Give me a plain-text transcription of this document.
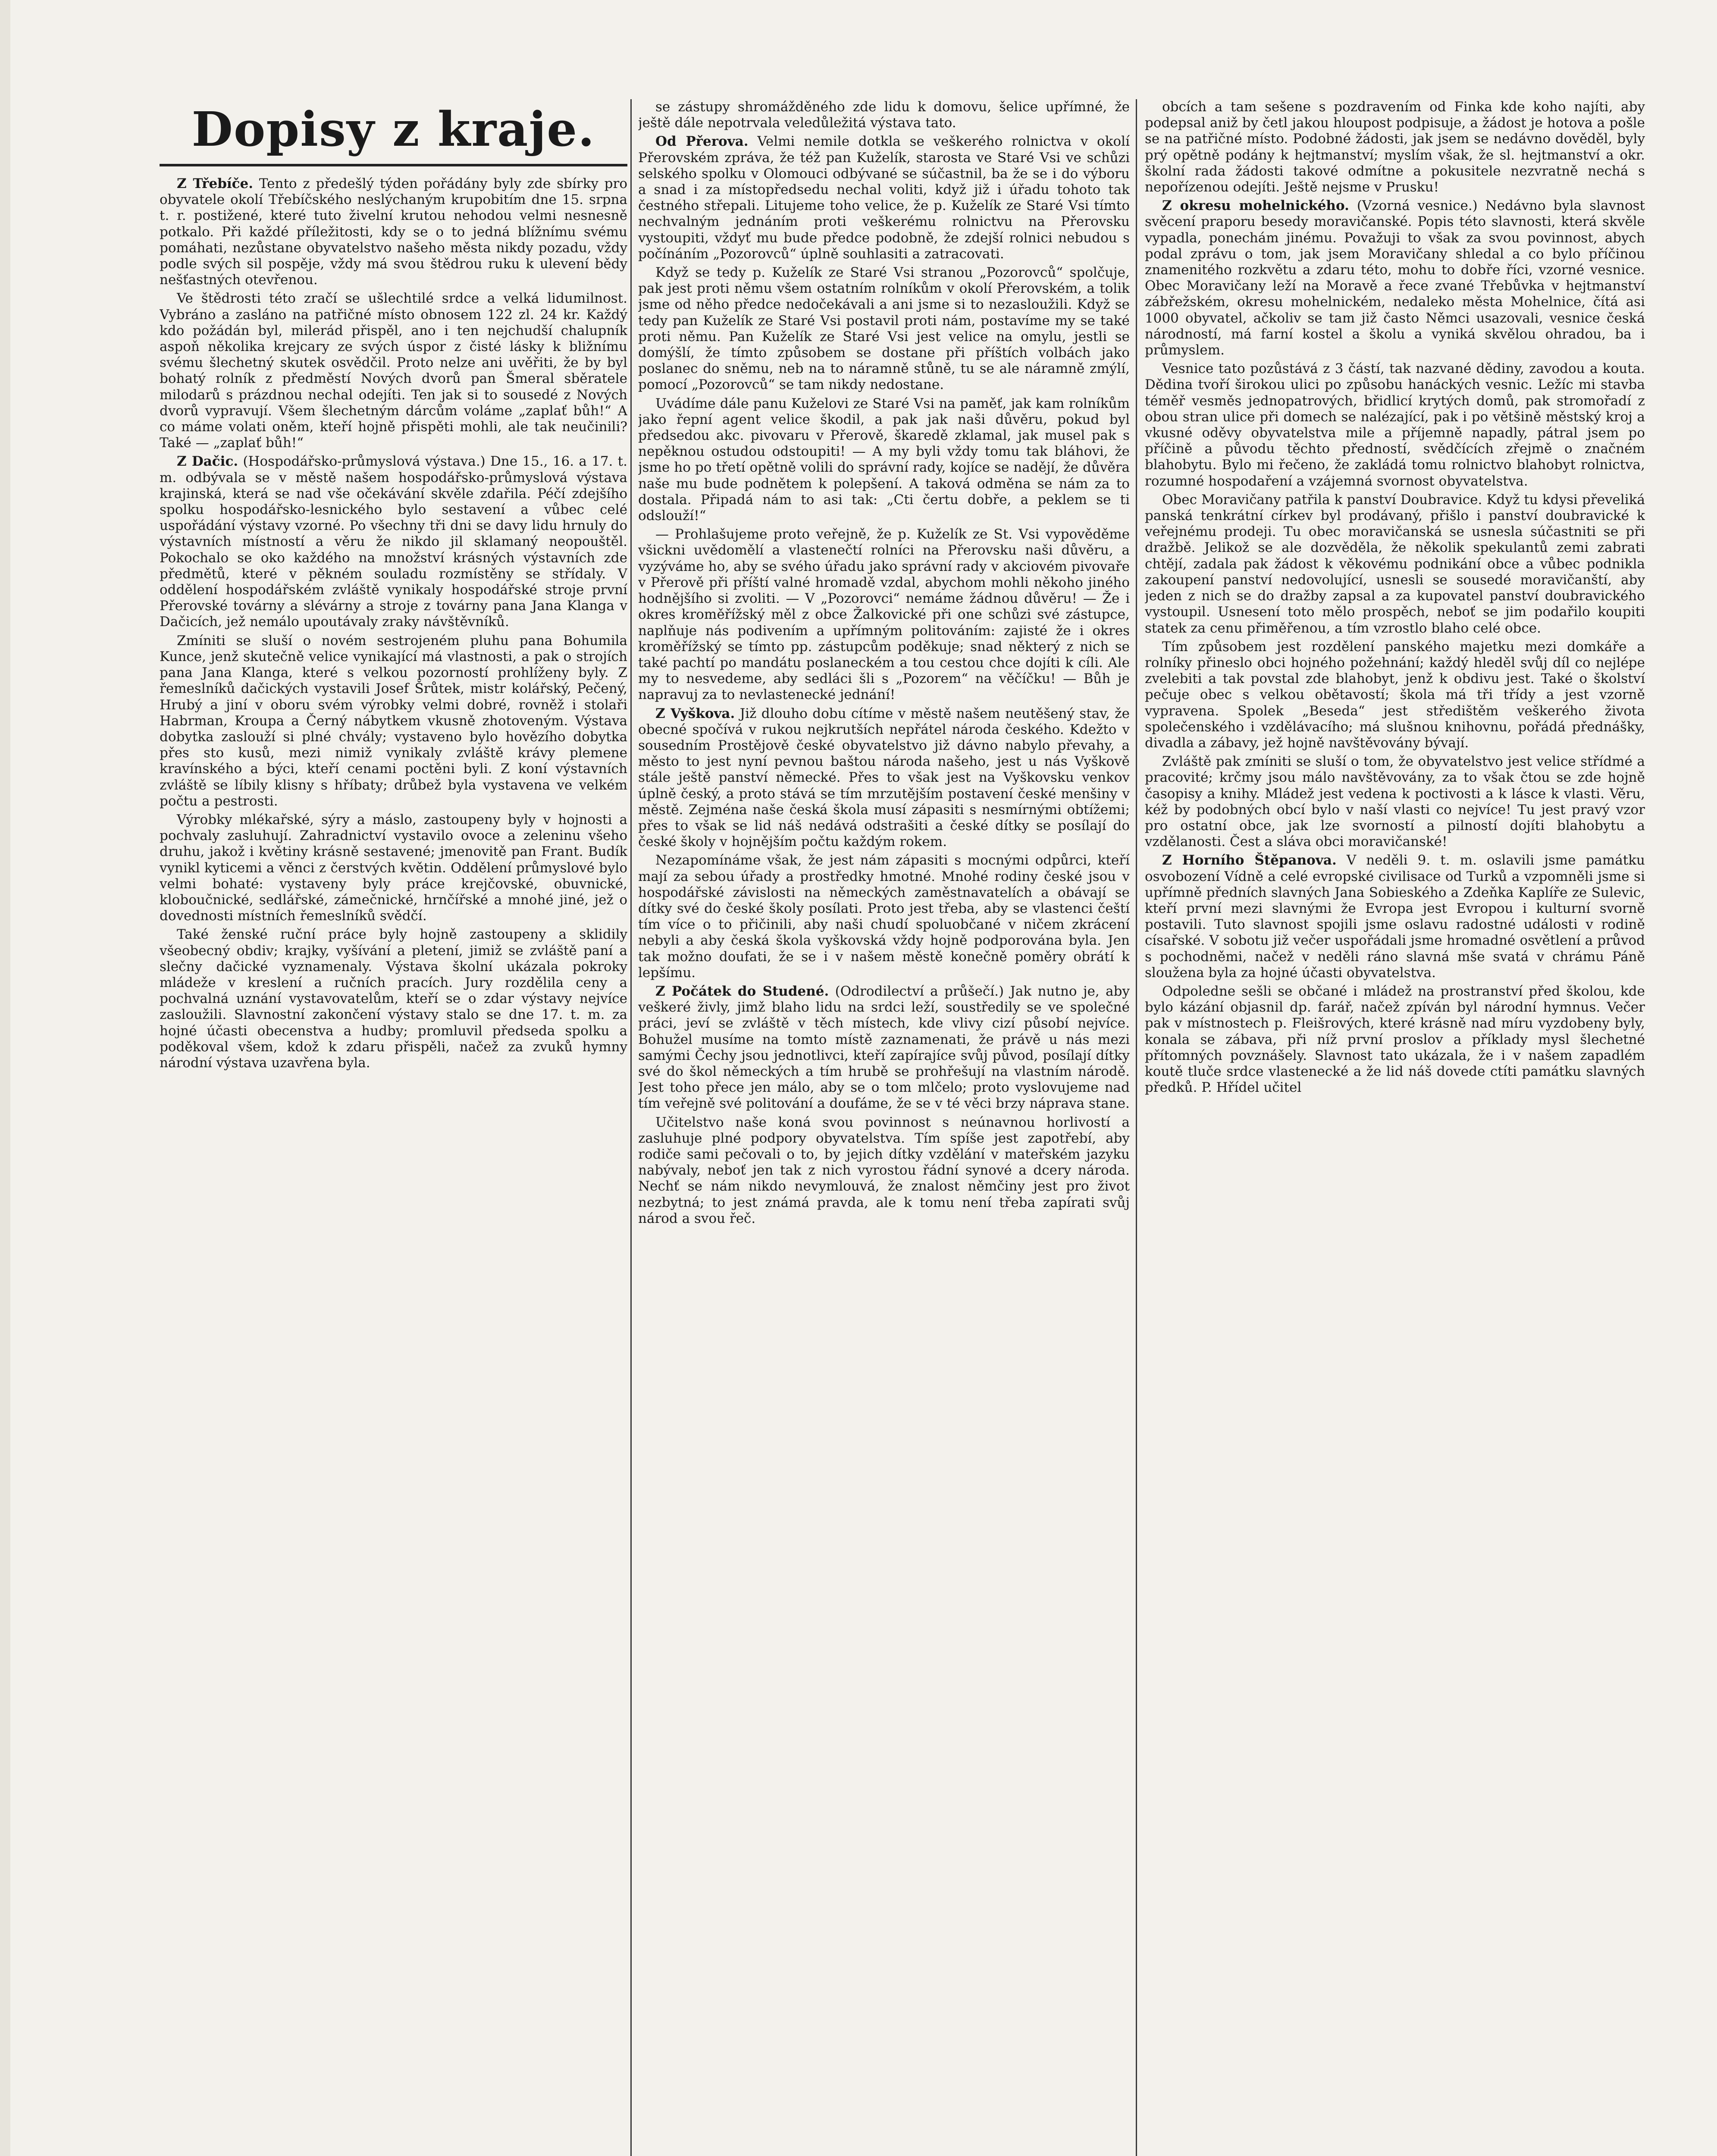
Dopisy z kraje.

Z Třebíče. Tento z předešlý týden pořádány byly zde sbírky pro obyvatele okolí Třebíčského neslýchaným krupobitím dne 15. srpna t. r. postižené, které tuto živelní krutou nehodou velmi nesnesně potkalo. Při každé příležitosti, kdy se o to jedná blížnímu svému pomáhati, nezůstane obyvatelstvo našeho města nikdy pozadu, vždy podle svých sil pospěje, vždy má svou štědrou ruku k ulevení bědy nešťastných otevřenou.

Ve štědrosti této zračí se ušlechtilé srdce a velká lidumilnost. Vybráno a zasláno na patřičné místo obnosem 122 zl. 24 kr. Každý kdo požádán byl, milerád přispěl, ano i ten nejchudší chalupník aspoň několika krejcary ze svých úspor z čisté lásky k bližnímu svému šlechetný skutek osvědčil. Proto nelze ani uvěřiti, že by byl bohatý rolník z předměstí Nových dvorů pan Šmeral sběratele milodarů s prázdnou nechal odejíti. Ten jak si to sousedé z Nových dvorů vypravují. Všem šlechetným dárcům voláme „zaplať bůh!“ A co máme volati oněm, kteří hojně přispěti mohli, ale tak neučinili? Také — „zaplať bůh!“

Z Dačic. (Hospodářsko-průmyslová výstava.) Dne 15., 16. a 17. t. m. odbývala se v městě našem hospodářsko-průmyslová výstava krajinská, která se nad vše očekávání skvěle zdařila. Péčí zdejšího spolku hospodářsko-lesnického bylo sestavení a vůbec celé uspořádání výstavy vzorné. Po všechny tři dni se davy lidu hrnuly do výstavních místností a věru že nikdo jil sklamaný neopouštěl. Pokochalo se oko každého na množství krásných výstavních zde předmětů, které v pěkném souladu rozmístěny se střídaly. V oddělení hospodářském zvláště vynikaly hospodářské stroje první Přerovské továrny a slévárny a stroje z továrny pana Jana Klanga v Dačicích, jež nemálo upoutávaly zraky návštěvníků.

Zmíniti se sluší o novém sestrojeném pluhu pana Bohumila Kunce, jenž skutečně velice vynikající má vlastnosti, a pak o strojích pana Jana Klanga, které s velkou pozorností prohlíženy byly. Z řemeslníků dačických vystavili Josef Šrůtek, mistr kolářský, Pečený, Hrubý a jiní v oboru svém výrobky velmi dobré, rovněž i stolaři Habrman, Kroupa a Černý nábytkem vkusně zhotoveným. Výstava dobytka zaslouží si plné chvály; vystaveno bylo hovězího dobytka přes sto kusů, mezi nimiž vynikaly zvláště krávy plemene kravínského a býci, kteří cenami poctěni byli. Z koní výstavních zvláště se líbily klisny s hříbaty; drůbež byla vystavena ve velkém počtu a pestrosti.

Výrobky mlékařské, sýry a máslo, zastoupeny byly v hojnosti a pochvaly zasluhují. Zahradnictví vystavilo ovoce a zeleninu všeho druhu, jakož i květiny krásně sestavené; jmenovitě pan Frant. Budík vynikl kyticemi a věnci z čerstvých květin. Oddělení průmyslové bylo velmi bohaté: vystaveny byly práce krejčovské, obuvnické, kloboučnické, sedlářské, zámečnické, hrnčířské a mnohé jiné, jež o dovednosti místních řemeslníků svědčí.

Také ženské ruční práce byly hojně zastoupeny a sklidily všeobecný obdiv; krajky, vyšívání a pletení, jimiž se zvláště paní a slečny dačické vyznamenaly. Výstava školní ukázala pokroky mládeže v kreslení a ručních pracích. Jury rozdělila ceny a pochvalná uznání vystavovatelům, kteří se o zdar výstavy nejvíce zasloužili. Slavnostní zakončení výstavy stalo se dne 17. t. m. za hojné účasti obecenstva a hudby; promluvil předseda spolku a poděkoval všem, kdož k zdaru přispěli, načež za zvuků hymny národní výstava uzavřena byla.

se zástupy shromážděného zde lidu k domovu, šelice upřímné, že ještě dále nepotrvala veledůležitá výstava tato.

Od Přerova. Velmi nemile dotkla se veškerého rolnictva v okolí Přerovském zpráva, že též pan Kuželík, starosta ve Staré Vsi ve schůzi selského spolku v Olomouci odbývané se súčastnil, ba že se i do výboru a snad i za místopředsedu nechal voliti, když již i úřadu tohoto tak čestného střepali. Litujeme toho velice, že p. Kuželík ze Staré Vsi tímto nechvalným jednáním proti veškerému rolnictvu na Přerovsku vystoupiti, vždyť mu bude předce podobně, že zdejší rolnici nebudou s počínáním „Pozorovců“ úplně souhlasiti a zatracovati.

Když se tedy p. Kuželík ze Staré Vsi stranou „Pozorovců“ spolčuje, pak jest proti němu všem ostatním rolníkům v okolí Přerovském, a tolik jsme od něho předce nedočekávali a ani jsme si to nezasloužili. Když se tedy pan Kuželík ze Staré Vsi postavil proti nám, postavíme my se také proti němu. Pan Kuželík ze Staré Vsi jest velice na omylu, jestli se domýšlí, že tímto způsobem se dostane při příštích volbách jako poslanec do sněmu, neb na to náramně stůně, tu se ale náramně zmýlí, pomocí „Pozorovců“ se tam nikdy nedostane.

Uvádíme dále panu Kuželovi ze Staré Vsi na paměť, jak kam rolníkům jako řepní agent velice škodil, a pak jak naši důvěru, pokud byl předsedou akc. pivovaru v Přerově, škaredě zklamal, jak musel pak s nepěknou ostudou odstoupiti! — A my byli vždy tomu tak bláhovi, že jsme ho po třetí opětně volili do správní rady, kojíce se nadějí, že důvěra naše mu bude podnětem k polepšení. A taková odměna se nám za to dostala. Připadá nám to asi tak: „Cti čertu dobře, a peklem se ti odslouží!“

— Prohlašujeme proto veřejně, že p. Kuželík ze St. Vsi vypověděme všickni uvědomělí a vlastenečtí rolníci na Přerovsku naši důvěru, a vyzýváme ho, aby se svého úřadu jako správní rady v akciovém pivovaře v Přerově při příští valné hromadě vzdal, abychom mohli někoho jiného hodnějšího si zvoliti. — V „Pozorovci“ nemáme žádnou důvěru! — Že i okres kroměřížský měl z obce Žalkovické při one schůzi své zástupce, naplňuje nás podivením a upřímným politováním: zajisté že i okres kroměřížský se tímto pp. zástupcům poděkuje; snad některý z nich se také pachtí po mandátu poslaneckém a tou cestou chce dojíti k cíli. Ale my to nesvedeme, aby sedláci šli s „Pozorem“ na věčíčku! — Bůh je napravuj za to nevlastenecké jednání!

Z Vyškova. Již dlouho dobu cítíme v městě našem neutěšený stav, že obecné spočívá v rukou nejkrutších nepřátel národa českého. Kdežto v sousedním Prostějově české obyvatelstvo již dávno nabylo převahy, a město to jest nyní pevnou baštou národa našeho, jest u nás Vyškově stále ještě panství německé. Přes to však jest na Vyškovsku venkov úplně český, a proto stává se tím mrzutějším postavení české menšiny v městě. Zejména naše česká škola musí zápasiti s nesmírnými obtížemi; přes to však se lid náš nedává odstrašiti a české dítky se posílají do české školy v hojnějším počtu každým rokem.

Nezapomínáme však, že jest nám zápasiti s mocnými odpůrci, kteří mají za sebou úřady a prostředky hmotné. Mnohé rodiny české jsou v hospodářské závislosti na německých zaměstnavatelích a obávají se dítky své do české školy posílati. Proto jest třeba, aby se vlastenci čeští tím více o to přičinili, aby naši chudí spoluobčané v ničem zkrácení nebyli a aby česká škola vyškovská vždy hojně podporována byla. Jen tak možno doufati, že se i v našem městě konečně poměry obrátí k lepšímu.

Z Počátek do Studené. (Odrodilectví a průšečí.) Jak nutno je, aby veškeré živly, jimž blaho lidu na srdci leží, soustředily se ve společné práci, jeví se zvláště v těch místech, kde vlivy cizí působí nejvíce. Bohužel musíme na tomto místě zaznamenati, že právě u nás mezi samými Čechy jsou jednotlivci, kteří zapírajíce svůj původ, posílají dítky své do škol německých a tím hrubě se prohřešují na vlastním národě. Jest toho přece jen málo, aby se o tom mlčelo; proto vyslovujeme nad tím veřejně své politování a doufáme, že se v té věci brzy náprava stane.

Učitelstvo naše koná svou povinnost s neúnavnou horlivostí a zasluhuje plné podpory obyvatelstva. Tím spíše jest zapotřebí, aby rodiče sami pečovali o to, by jejich dítky vzdělání v mateřském jazyku nabývaly, neboť jen tak z nich vyrostou řádní synové a dcery národa. Nechť se nám nikdo nevymlouvá, že znalost němčiny jest pro život nezbytná; to jest známá pravda, ale k tomu není třeba zapírati svůj národ a svou řeč.

obcích a tam sešene s pozdravením od Finka kde koho najíti, aby podepsal aniž by četl jakou hloupost podpisuje, a žádost je hotova a pošle se na patřičné místo. Podobné žádosti, jak jsem se nedávno dověděl, byly prý opětně podány k hejtmanství; myslím však, že sl. hejtmanství a okr. školní rada žádosti takové odmítne a pokusitele nezvratně nechá s nepořízenou odejíti. Ještě nejsme v Prusku!

Z okresu mohelnického. (Vzorná vesnice.) Nedávno byla slavnost svěcení praporu besedy moravičanské. Popis této slavnosti, která skvěle vypadla, ponechám jinému. Považuji to však za svou povinnost, abych podal zprávu o tom, jak jsem Moravičany shledal a co bylo příčinou znamenitého rozkvětu a zdaru této, mohu to dobře říci, vzorné vesnice. Obec Moravičany leží na Moravě a řece zvané Třebůvka v hejtmanství zábřežském, okresu mohelnickém, nedaleko města Mohelnice, čítá asi 1000 obyvatel, ačkoliv se tam již často Němci usazovali, vesnice česká národností, má farní kostel a školu a vyniká skvělou ohradou, ba i průmyslem.

Vesnice tato pozůstává z 3 částí, tak nazvané dědiny, zavodou a kouta. Dědina tvoří širokou ulici po způsobu hanáckých vesnic. Ležíc mi stavba téměř vesměs jednopatrových, břidlicí krytých domů, pak stromořadí z obou stran ulice při domech se nalézající, pak i po většině městský kroj a vkusné oděvy obyvatelstva mile a příjemně napadly, pátral jsem po příčině a původu těchto předností, svědčících zřejmě o značném blahobytu. Bylo mi řečeno, že zakládá tomu rolnictvo blahobyt rolnictva, rozumné hospodaření a vzájemná svornost obyvatelstva.

Obec Moravičany patřila k panství Doubravice. Když tu kdysi převeliká panská tenkrátní církev byl prodávaný, přišlo i panství doubravické k veřejnému prodeji. Tu obec moravičanská se usnesla súčastniti se při dražbě. Jelikož se ale dozvěděla, že několik spekulantů zemi zabrati chtějí, zadala pak žádost k věkovému podnikání obce a vůbec podnikla zakoupení panství nedovolující, usnesli se sousedé moravičanští, aby jeden z nich se do dražby zapsal a za kupovatel panství doubravického vystoupil. Usnesení toto mělo prospěch, neboť se jim podařilo koupiti statek za cenu přiměřenou, a tím vzrostlo blaho celé obce.

Tím způsobem jest rozdělení panského majetku mezi domkáře a rolníky přineslo obci hojného požehnání; každý hleděl svůj díl co nejlépe zvelebiti a tak povstal zde blahobyt, jenž k obdivu jest. Také o školství pečuje obec s velkou obětavostí; škola má tři třídy a jest vzorně vypravena. Spolek „Beseda“ jest středištěm veškerého života společenského i vzdělávacího; má slušnou knihovnu, pořádá přednášky, divadla a zábavy, jež hojně navštěvovány bývají.

Zvláště pak zmíniti se sluší o tom, že obyvatelstvo jest velice střídmé a pracovité; krčmy jsou málo navštěvovány, za to však čtou se zde hojně časopisy a knihy. Mládež jest vedena k poctivosti a k lásce k vlasti. Věru, kéž by podobných obcí bylo v naší vlasti co nejvíce! Tu jest pravý vzor pro ostatní obce, jak lze svorností a pilností dojíti blahobytu a vzdělanosti. Čest a sláva obci moravičanské!

Z Horního Štěpanova. V neděli 9. t. m. oslavili jsme památku osvobození Vídně a celé evropské civilisace od Turků a vzpomněli jsme si upřímně předních slavných Jana Sobieského a Zdeňka Kaplíře ze Sulevic, kteří první mezi slavnými že Evropa jest Evropou i kulturní svorně postavili. Tuto slavnost spojili jsme oslavu radostné události v rodině císařské. V sobotu již večer uspořádali jsme hromadné osvětlení a průvod s pochodněmi, načež v neděli ráno slavná mše svatá v chrámu Páně sloužena byla za hojné účasti obyvatelstva.

Odpoledne sešli se občané i mládež na prostranství před školou, kde bylo kázání objasnil dp. farář, načež zpíván byl národní hymnus. Večer pak v místnostech p. Fleišrových, které krásně nad míru vyzdobeny byly, konala se zábava, při níž první proslov a příklady mysl šlechetné přítomných povznášely. Slavnost tato ukázala, že i v našem zapadlém koutě tluče srdce vlastenecké a že lid náš dovede ctíti památku slavných předků. P. Hřídel učitel
